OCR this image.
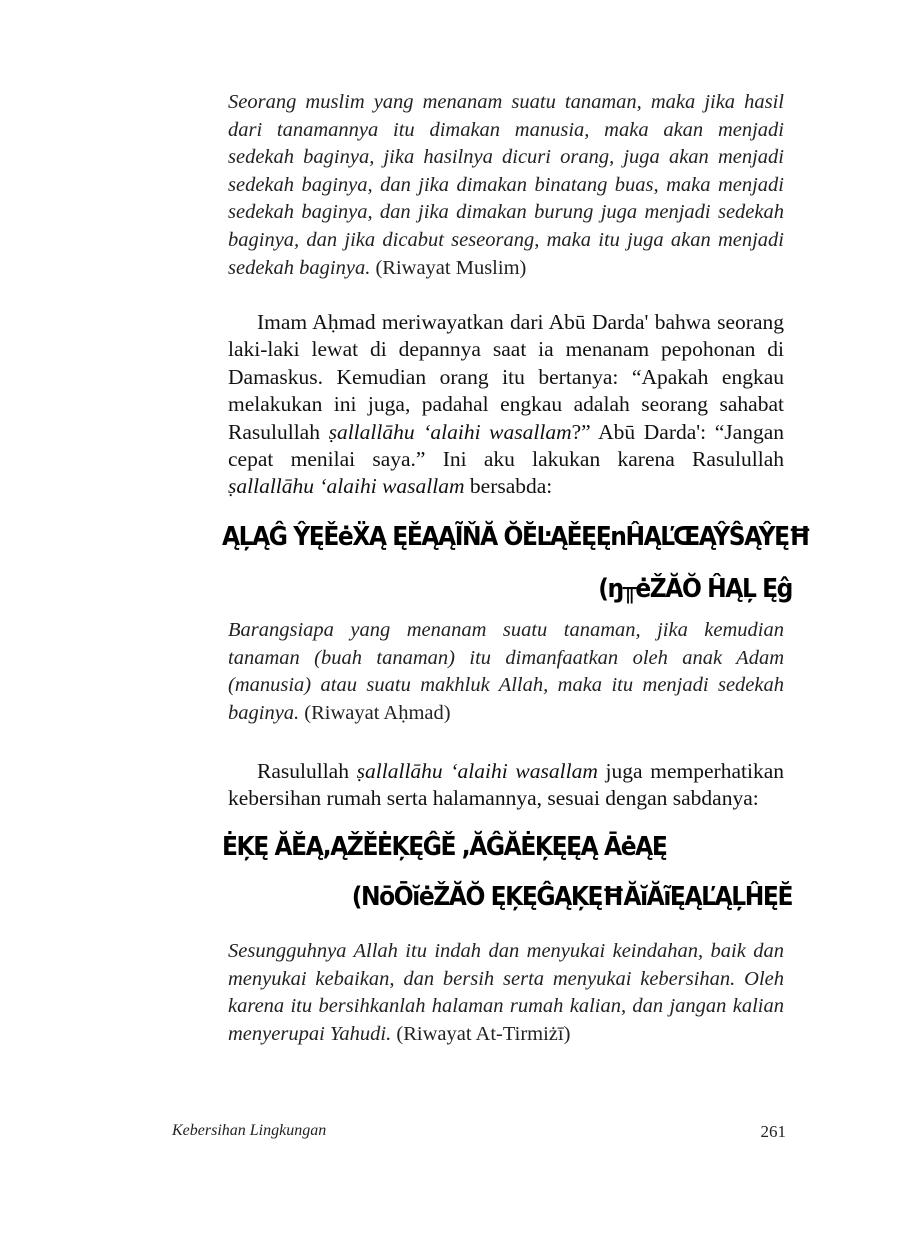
Seorang muslim yang menanam suatu tanaman, maka jika hasil dari tanamannya itu dimakan manusia, maka akan menjadi sedekah baginya, jika hasilnya dicuri orang, juga akan menjadi sedekah baginya, dan jika dimakan binatang buas, maka menjadi sedekah baginya, dan jika dimakan burung juga menjadi sedekah baginya, dan jika dicabut seseorang, maka itu juga akan menjadi sedekah baginya. (Riwayat Muslim)
Imam Aḥmad meriwayatkan dari Abū Darda' bahwa seorang laki-laki lewat di depannya saat ia menanam pepohonan di Damaskus. Kemudian orang itu bertanya: “Apakah engkau melakukan ini juga, padahal engkau adalah seorang sahabat Rasulullah ṣallallāhu ‘alaihi wasallam?” Abū Darda': “Jangan cepat menilai saya.” Ini aku lakukan karena Rasulullah ṣallallāhu ‘alaihi wasallam bersabda:
ĄĻĄĜ ŶĘĚėẌĄ ĘĚĄĄĨŇĂ ŎĔĿĄĚĘĘnĤĄĽŒĄŶŜĄŶĘĦ
(ŋ╥ėŽĂŎ ĤĄĻ Ęĝ
Barangsiapa yang menanam suatu tanaman, jika kemudian tanaman (buah tanaman) itu dimanfaatkan oleh anak Adam (manusia) atau suatu makhluk Allah, maka itu menjadi sedekah baginya. (Riwayat Aḥmad)
Rasulullah ṣallallāhu ‘alaihi wasallam juga memperhatikan kebersihan rumah serta halamannya, sesuai dengan sabdanya:
ĖĶĘ ĂĔĄ,ĄŽĚĖĶĘĜĚ ,ĂĜĂĖĶĘĘĄ ĀėĄĘ
(NōŌĭėŽĂŎ ĘĶĘĜĄĶĘĦĂĭĂĩĘĄĽĄĻĤĘĔ
Sesungguhnya Allah itu indah dan menyukai keindahan, baik dan menyukai kebaikan, dan bersih serta menyukai kebersihan. Oleh karena itu bersihkanlah halaman rumah kalian, dan jangan kalian menyerupai Yahudi. (Riwayat At-Tirmiżī)
Kebersihan Lingkungan	261
